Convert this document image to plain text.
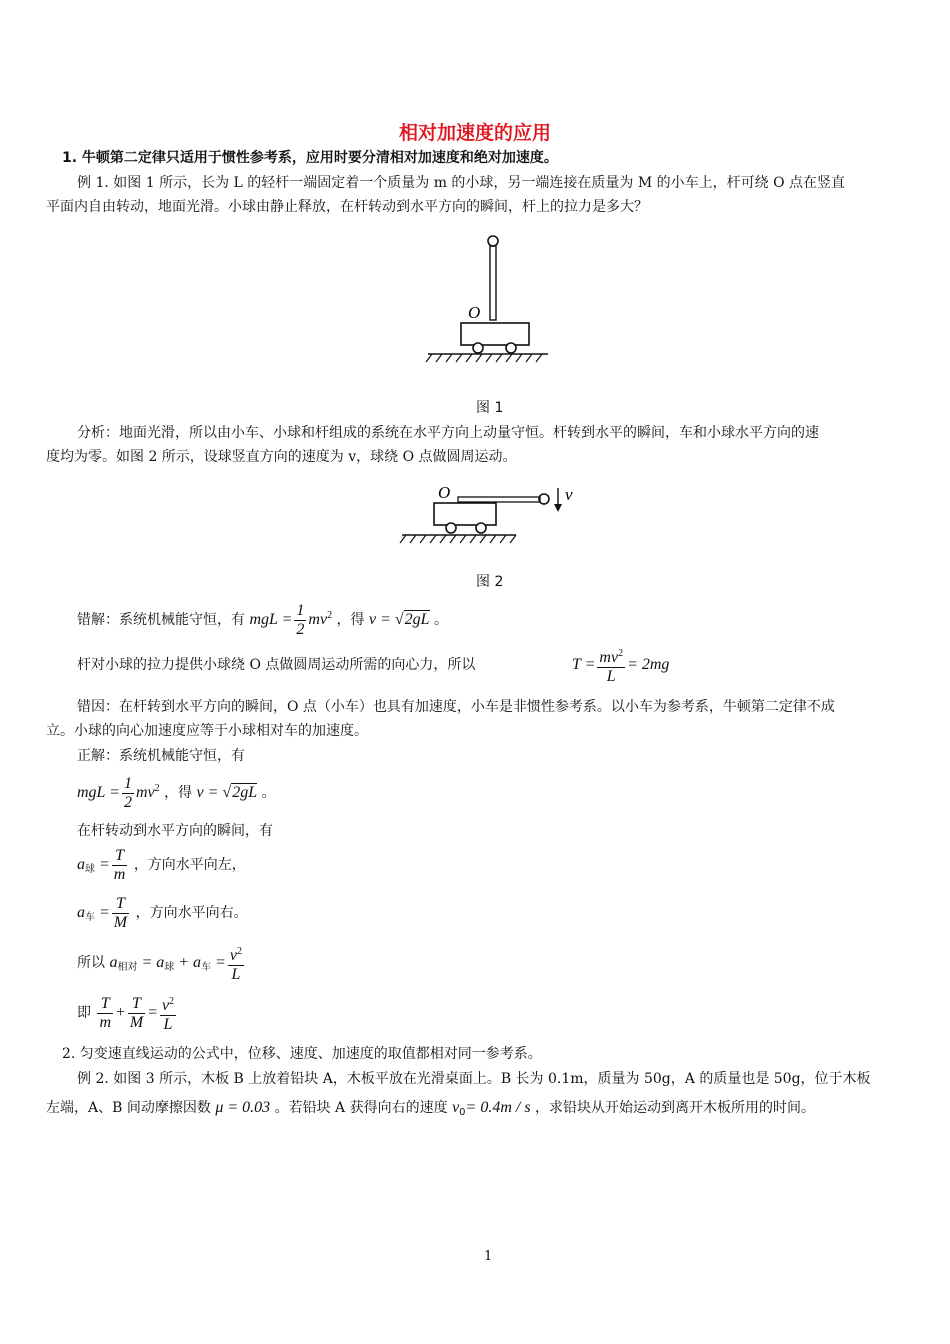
相对加速度的应用
1. 牛顿第二定律只适用于惯性参考系，应用时要分清相对加速度和绝对加速度。
例 1. 如图 1 所示，长为 L 的轻杆一端固定着一个质量为 m 的小球，另一端连接在质量为 M 的小车上，杆可绕 O 点在竖直
平面内自由转动，地面光滑。小球由静止释放，在杆转动到水平方向的瞬间，杆上的拉力是多大？
O
图 1
分析：地面光滑，所以由小车、小球和杆组成的系统在水平方向上动量守恒。杆转到水平的瞬间，车和小球水平方向的速
度均为零。如图 2 所示，设球竖直方向的速度为 v，球绕 O 点做圆周运动。
O	v
图 2
错解：系统机械能守恒，有 mgL = $\frac{1}{2} mv^2$ ，得 v = √2gL 。
杆对小球的拉力提供小球绕 O 点做圆周运动所需的向心力，所以	$T = \frac{mv^2}{L} = 2mg$
错因：在杆转到水平方向的瞬间，O 点（小车）也具有加速度，小车是非惯性参考系。以小车为参考系，牛顿第二定律不成
立。小球的向心加速度应等于小球相对车的加速度。
正解：系统机械能守恒，有
mgL = $\frac{1}{2} mv^2$ ，得 v = √2gL 。
在杆转动到水平方向的瞬间，有
$a_球 = \frac{T}{m}$ ，方向水平向左，
$a_车 = \frac{T}{M}$ ，方向水平向右。
所以 $a_{相对} = a_球 + a_车 = \frac{v^2}{L}$
即 $\frac{T}{m} + \frac{T}{M} = \frac{v^2}{L}$
2. 匀变速直线运动的公式中，位移、速度、加速度的取值都相对同一参考系。
例 2. 如图 3 所示，木板 B 上放着铅块 A，木板平放在光滑桌面上。B 长为 0.1m，质量为 50g，A 的质量也是 50g，位于木板
左端，A、B 间动摩擦因数 μ = 0.03 。若铅块 A 获得向右的速度 $v_0= 0.4m / s$ ，求铅块从开始运动到离开木板所用的时间。
1
